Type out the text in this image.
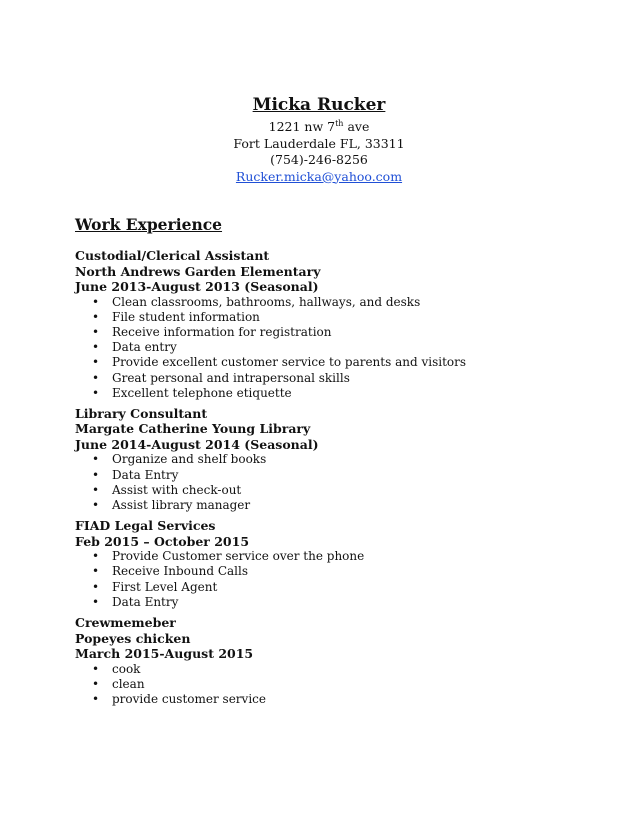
Micka Rucker
1221 nw 7th ave
Fort Lauderdale FL, 33311
(754)-246-8256
Rucker.micka@yahoo.com
Work Experience
Custodial/Clerical Assistant
North Andrews Garden Elementary
June 2013-August 2013 (Seasonal)
• Clean classrooms, bathrooms, hallways, and desks
• File student information
• Receive information for registration
• Data entry
• Provide excellent customer service to parents and visitors
• Great personal and intrapersonal skills
• Excellent telephone etiquette
Library Consultant
Margate Catherine Young Library
June 2014-August 2014 (Seasonal)
• Organize and shelf books
• Data Entry
• Assist with check-out
• Assist library manager
FIAD Legal Services
Feb 2015 – October 2015
• Provide Customer service over the phone
• Receive Inbound Calls
• First Level Agent
• Data Entry
Crewmemeber
Popeyes chicken
March 2015-August 2015
• cook
• clean
• provide customer service
